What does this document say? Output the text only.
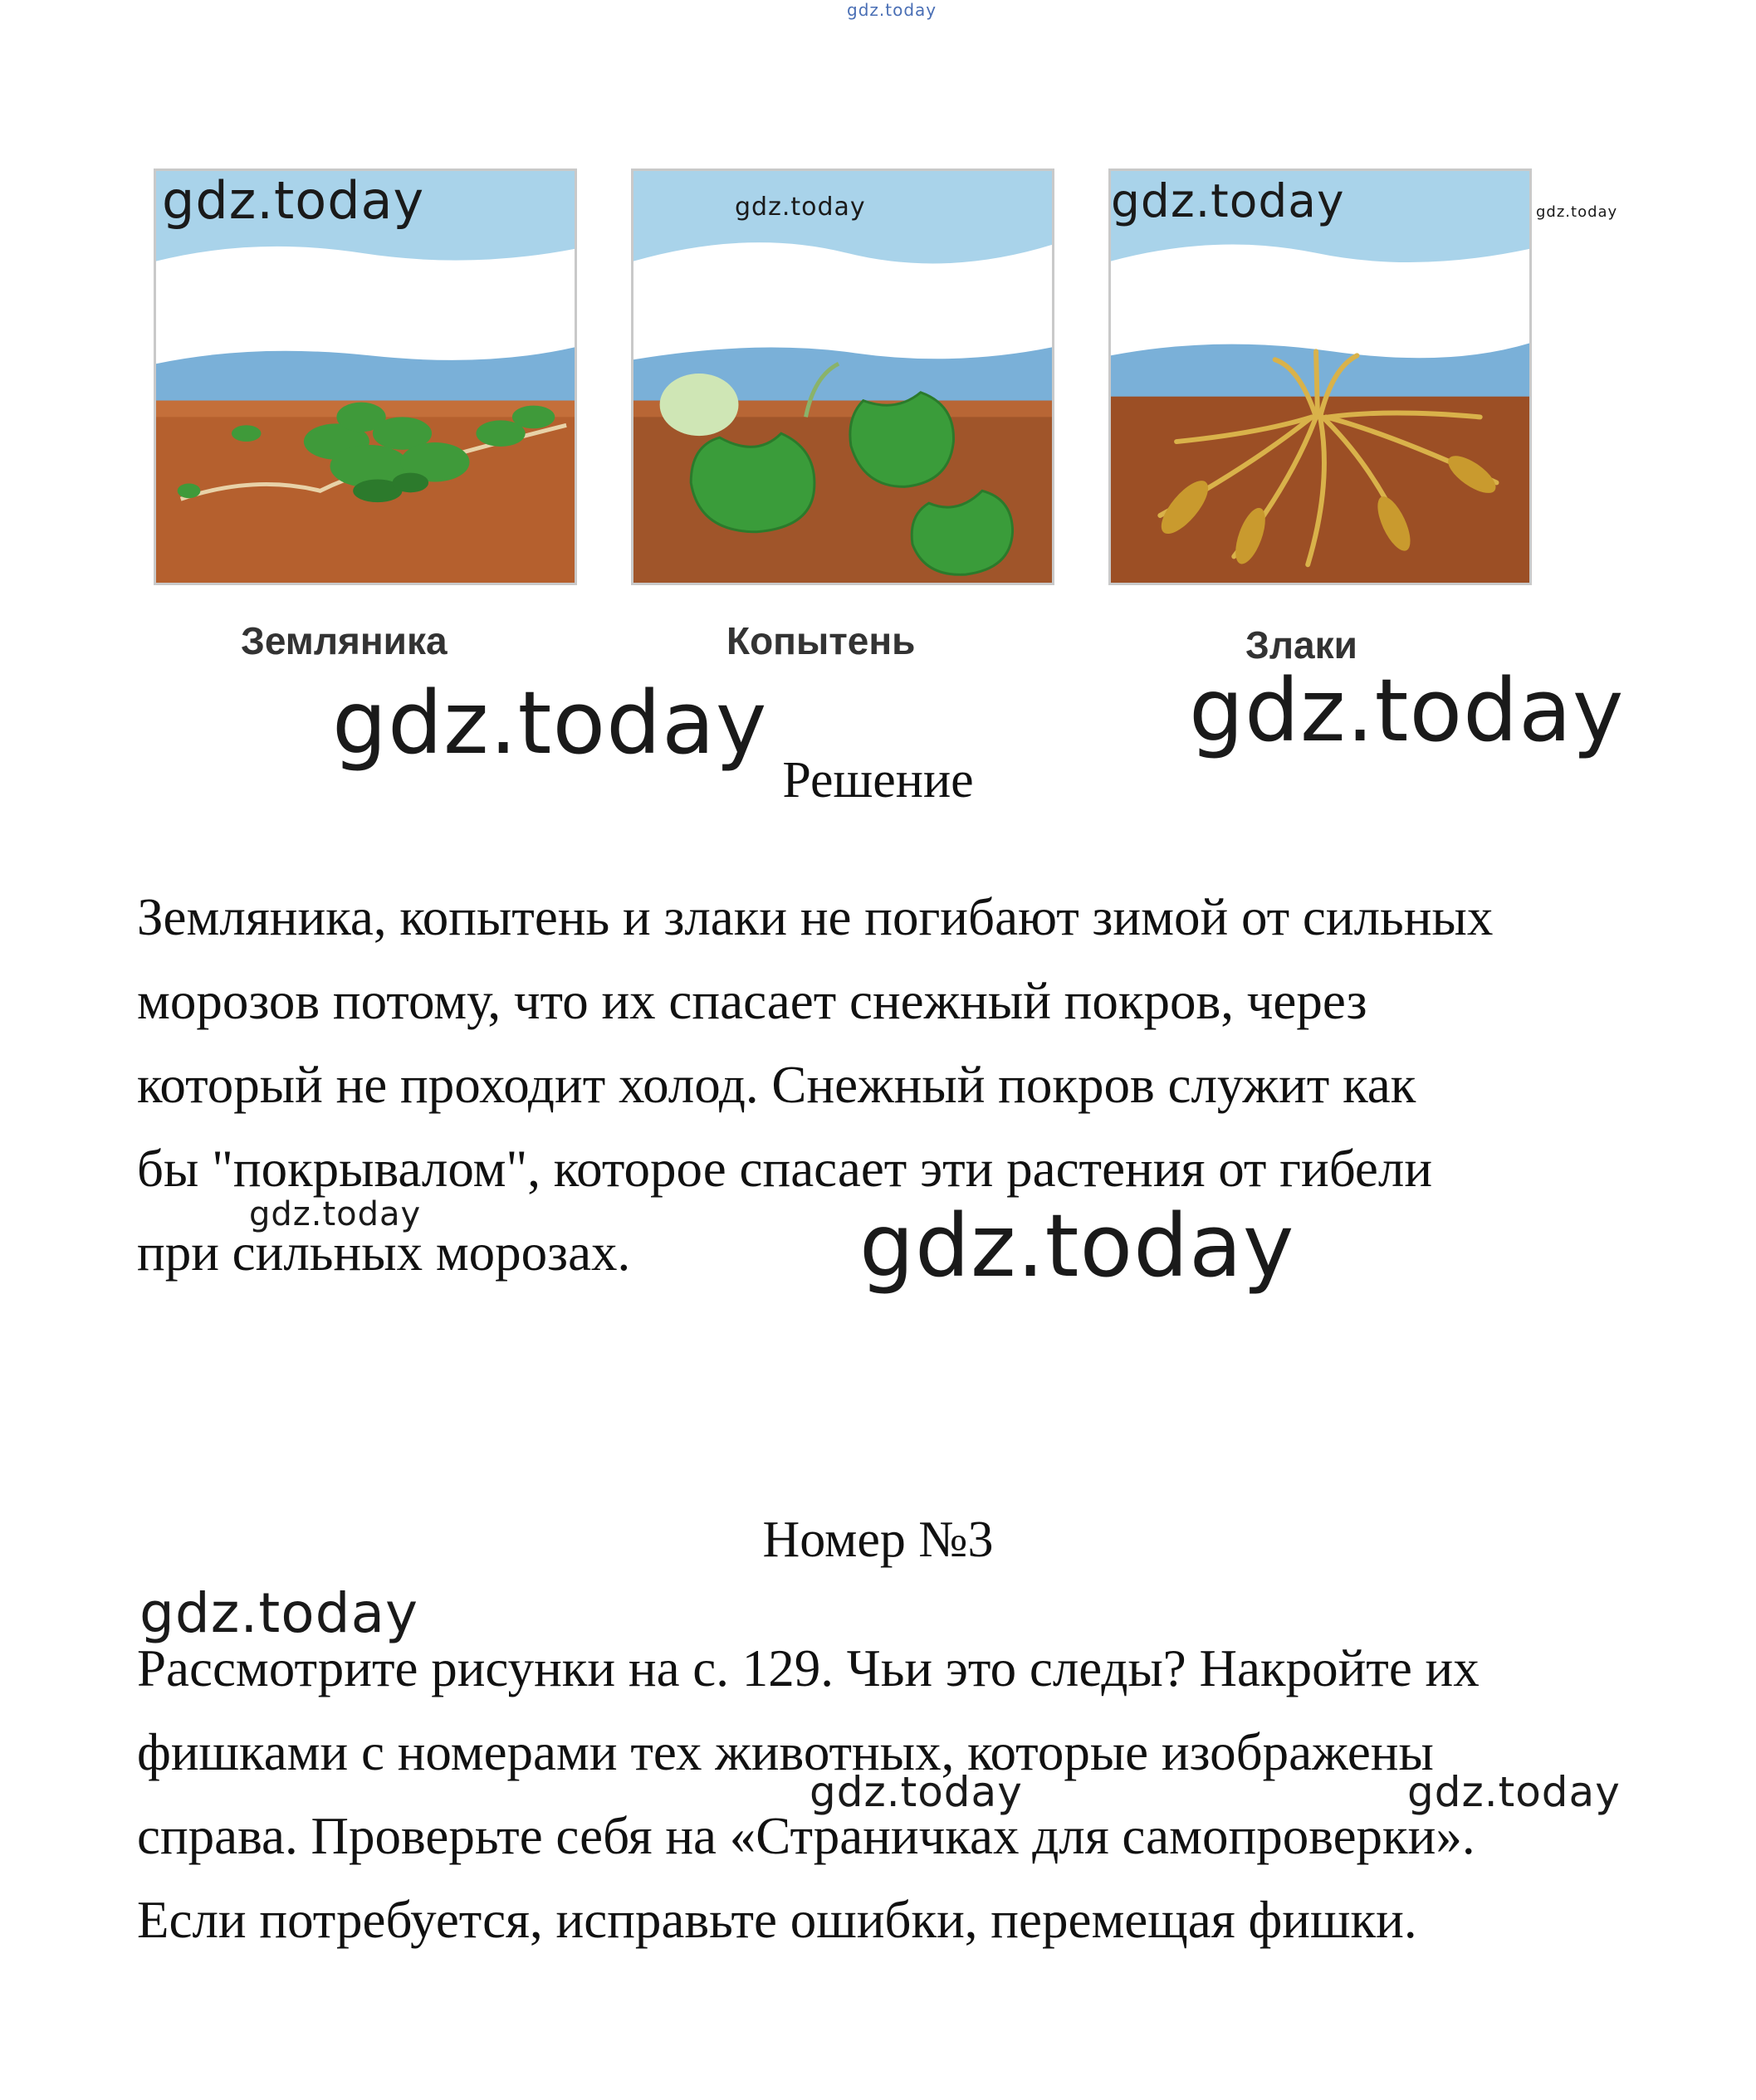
gdz.today
Земляника	Копытень	Злаки
gdz.today	gdz.today	gdz.today	gdz.today
gdz.today	gdz.today
Решение
Земляника, копытень и злаки не погибают зимой от сильных
морозов потому, что их спасает снежный покров, через
который не проходит холод. Снежный покров служит как
бы "покрывалом", которое спасает эти растения от гибели
при сильных морозах.
gdz.today	gdz.today
Номер №3
gdz.today
Рассмотрите рисунки на с. 129. Чьи это следы? Накройте их
фишками с номерами тех животных, которые изображены
справа. Проверьте себя на «Страничках для самопроверки».
Если потребуется, исправьте ошибки, перемещая фишки.
gdz.today	gdz.today
